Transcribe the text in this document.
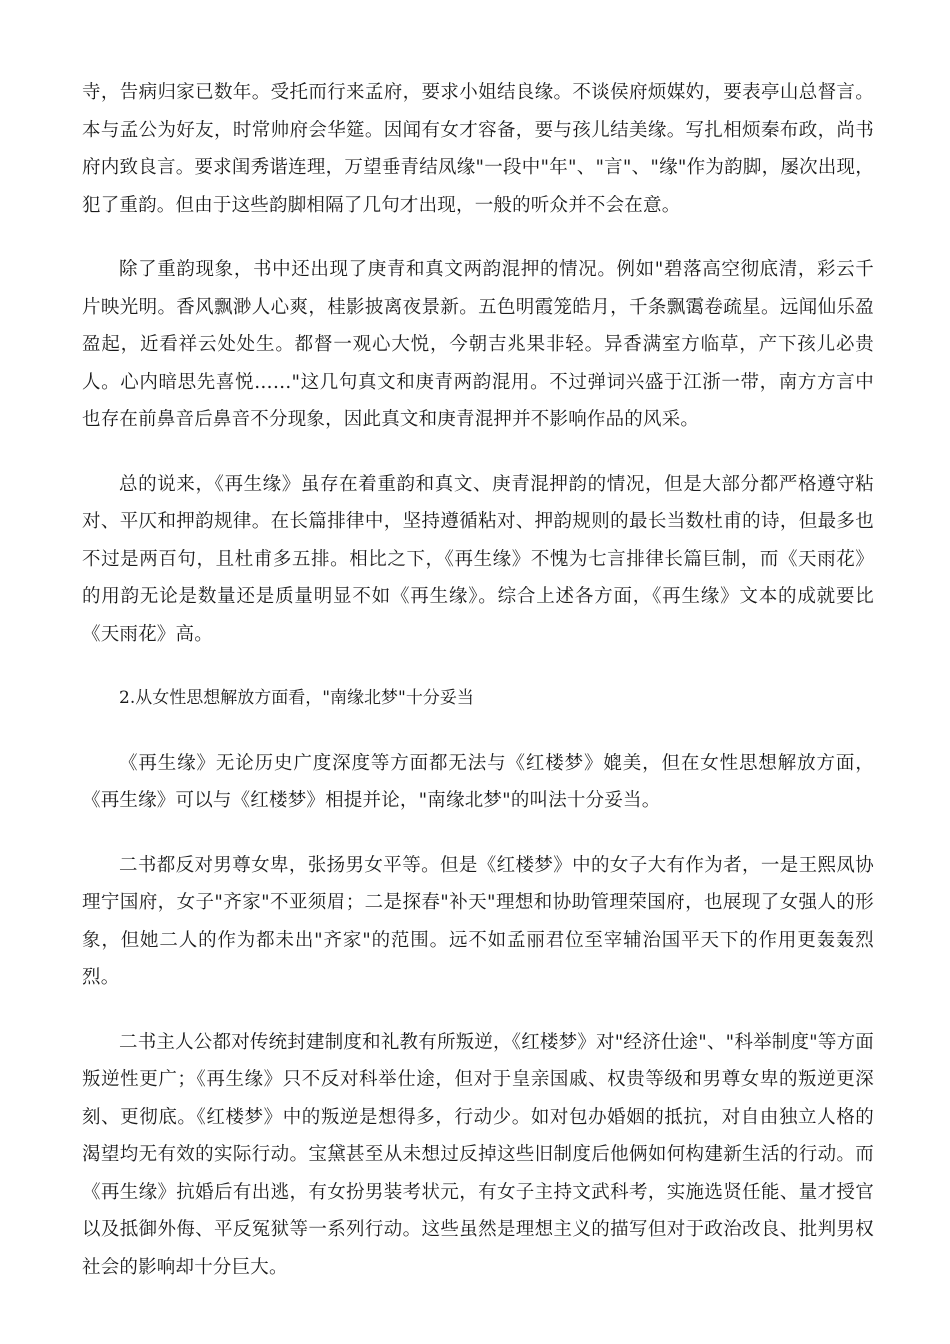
寺，告病归家已数年。受托而行来孟府，要求小姐结良缘。不谈侯府烦媒妁，要表亭山总督言。本与孟公为好友，时常帅府会华筵。因闻有女才容备，要与孩儿结美缘。写扎相烦秦布政，尚书府内致良言。要求闺秀谐连理，万望垂青结凤缘"一段中"年"、"言"、"缘"作为韵脚，屡次出现，犯了重韵。但由于这些韵脚相隔了几句才出现，一般的听众并不会在意。

除了重韵现象，书中还出现了庚青和真文两韵混押的情况。例如"碧落高空彻底清，彩云千片映光明。香风飘渺人心爽，桂影披离夜景新。五色明霞笼皓月，千条飘霭卷疏星。远闻仙乐盈盈起，近看祥云处处生。都督一观心大悦，今朝吉兆果非轻。异香满室方临草，产下孩儿必贵人。心内暗思先喜悦……"这几句真文和庚青两韵混用。不过弹词兴盛于江浙一带，南方方言中也存在前鼻音后鼻音不分现象，因此真文和庚青混押并不影响作品的风采。

总的说来，《再生缘》虽存在着重韵和真文、庚青混押韵的情况，但是大部分都严格遵守粘对、平仄和押韵规律。在长篇排律中，坚持遵循粘对、押韵规则的最长当数杜甫的诗，但最多也不过是两百句，且杜甫多五排。相比之下，《再生缘》不愧为七言排律长篇巨制，而《天雨花》的用韵无论是数量还是质量明显不如《再生缘》。综合上述各方面，《再生缘》文本的成就要比《天雨花》高。

2.从女性思想解放方面看，"南缘北梦"十分妥当

《再生缘》无论历史广度深度等方面都无法与《红楼梦》媲美，但在女性思想解放方面，《再生缘》可以与《红楼梦》相提并论，"南缘北梦"的叫法十分妥当。

二书都反对男尊女卑，张扬男女平等。但是《红楼梦》中的女子大有作为者，一是王熙凤协理宁国府，女子"齐家"不亚须眉；二是探春"补天"理想和协助管理荣国府，也展现了女强人的形象，但她二人的作为都未出"齐家"的范围。远不如孟丽君位至宰辅治国平天下的作用更轰轰烈烈。

二书主人公都对传统封建制度和礼教有所叛逆，《红楼梦》对"经济仕途"、"科举制度"等方面叛逆性更广；《再生缘》只不反对科举仕途，但对于皇亲国戚、权贵等级和男尊女卑的叛逆更深刻、更彻底。《红楼梦》中的叛逆是想得多，行动少。如对包办婚姻的抵抗，对自由独立人格的渴望均无有效的实际行动。宝黛甚至从未想过反掉这些旧制度后他俩如何构建新生活的行动。而《再生缘》抗婚后有出逃，有女扮男装考状元，有女子主持文武科考，实施选贤任能、量才授官以及抵御外侮、平反冤狱等一系列行动。这些虽然是理想主义的描写但对于政治改良、批判男权社会的影响却十分巨大。
